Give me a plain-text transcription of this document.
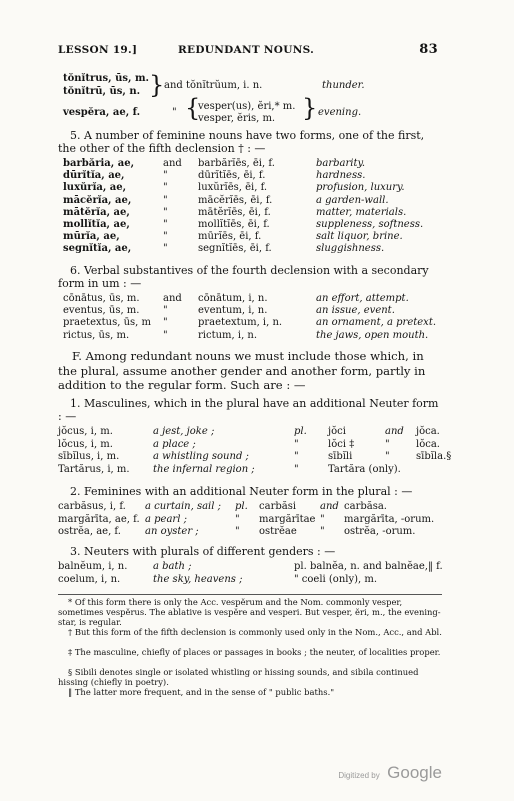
LESSON 19.]	REDUNDANT NOUNS.	83
tŏnĭtrus, ūs, m.
tŏnĭtrū, ūs, n. } and tŏnĭtrŭum, i. n.	thunder.
vespĕra, ae, f.	" {
vesper(us), ĕri,* m.
vesper, ĕris, m. } evening.
5. A number of feminine nouns have two forms, one of the first, the other of the fifth declension † : —
barbăria, ae,	and barbărĭēs, ēi, f.	barbarity.
dūrĭtĭa, ae,	"	dūrĭtĭēs, ēi, f.	hardness.
luxŭrĭa, ae,	"	luxŭrĭēs, ēi, f.	profusion, luxury.
mācĕrĭa, ae,	"	mācĕrĭēs, ēi, f.	a garden-wall.
mātĕrĭa, ae,	"	mātĕrĭēs, ēi, f.	matter, materials.
mollĭtĭa, ae,	"	mollĭtĭēs, ēi, f.	suppleness, softness.
mūrĭa, ae,	"	mūrĭēs, ēi, f.	salt liquor, brine.
segnĭtĭa, ae,	"	segnĭtĭēs, ēi, f.	sluggishness.
6. Verbal substantives of the fourth declension with a secondary form in um : —
cōnātus, ūs, m. and cōnātum, i, n.	an effort, attempt.
eventus, ūs, m. "	eventum, i, n.	an issue, event.
praetextus, ūs, m "	praetextum, i, n.	an ornament, a pretext.
rictus, ūs, m.	"	rictum, i, n.	the jaws, open mouth.
F. Among redundant nouns we must include those which, in the plural, assume another gender and another form, partly in addition to the regular form. Such are : —
1. Masculines, which in the plural have an additional Neuter form : —
jŏcus, i, m.	a jest, joke ;	pl. jŏci	and jŏca.
lŏcus, i, m.	a place ;	"	lŏci ‡	"	lŏca.
sībĭlus, i, m.	a whistling sound ;	"	sībĭli	"	sībĭla.§
Tartărus, i, m. the infernal region ;	"	Tartăra (only).
2. Feminines with an additional Neuter form in the plural : —
carbăsus, i, f. a curtain, sail ; pl. carbăsi and carbăsa.
margărīta, ae, f. a pearl ;	" margărītae " margărīta, -orum.
ostrĕa, ae, f. an oyster ;	" ostrĕae " ostrĕa, -orum.
3. Neuters with plurals of different genders : —
balnĕum, i, n.	a bath ;	pl. balnĕa, n. and balnĕae,‖ f.
coelum, i, n.	the sky, heavens ;	" coeli (only), m.
* Of this form there is only the Acc. vespĕrum and the Nom. commonly vesper, sometimes vespĕrus. The ablative is vespĕre and vesperi. But vesper, ĕri, m., the evening-star, is regular.
† But this form of the fifth declension is commonly used only in the Nom., Acc., and Abl.
‡ The masculine, chiefly of places or passages in books ; the neuter, of localities proper.
§ Sibili denotes single or isolated whistling or hissing sounds, and sibila continued hissing (chiefly in poetry).
‖ The latter more frequent, and in the sense of " public baths."
Digitized by Google
